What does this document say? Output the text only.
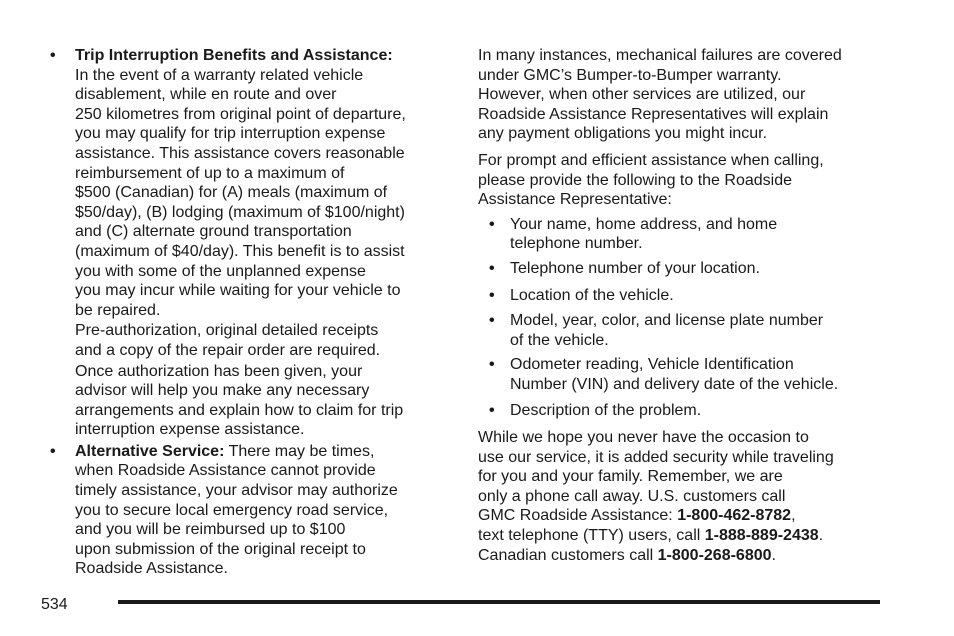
•	Trip Interruption Benefits and Assistance:
In the event of a warranty related vehicle
disablement, while en route and over
250 kilometres from original point of departure,
you may qualify for trip interruption expense
assistance. This assistance covers reasonable
reimbursement of up to a maximum of
$500 (Canadian) for (A) meals (maximum of
$50/day), (B) lodging (maximum of $100/night)
and (C) alternate ground transportation
(maximum of $40/day). This benefit is to assist
you with some of the unplanned expense
you may incur while waiting for your vehicle to
be repaired.
Pre-authorization, original detailed receipts
and a copy of the repair order are required.
Once authorization has been given, your
advisor will help you make any necessary
arrangements and explain how to claim for trip
interruption expense assistance.
•	Alternative Service: There may be times,
when Roadside Assistance cannot provide
timely assistance, your advisor may authorize
you to secure local emergency road service,
and you will be reimbursed up to $100
upon submission of the original receipt to
Roadside Assistance.
In many instances, mechanical failures are covered
under GMC’s Bumper-to-Bumper warranty.
However, when other services are utilized, our
Roadside Assistance Representatives will explain
any payment obligations you might incur.
For prompt and efficient assistance when calling,
please provide the following to the Roadside
Assistance Representative:
• Your name, home address, and home
telephone number.
• Telephone number of your location.
• Location of the vehicle.
• Model, year, color, and license plate number
of the vehicle.
• Odometer reading, Vehicle Identification
Number (VIN) and delivery date of the vehicle.
• Description of the problem.
While we hope you never have the occasion to
use our service, it is added security while traveling
for you and your family. Remember, we are
only a phone call away. U.S. customers call
GMC Roadside Assistance: 1-800-462-8782,
text telephone (TTY) users, call 1-888-889-2438.
Canadian customers call 1-800-268-6800.
534
